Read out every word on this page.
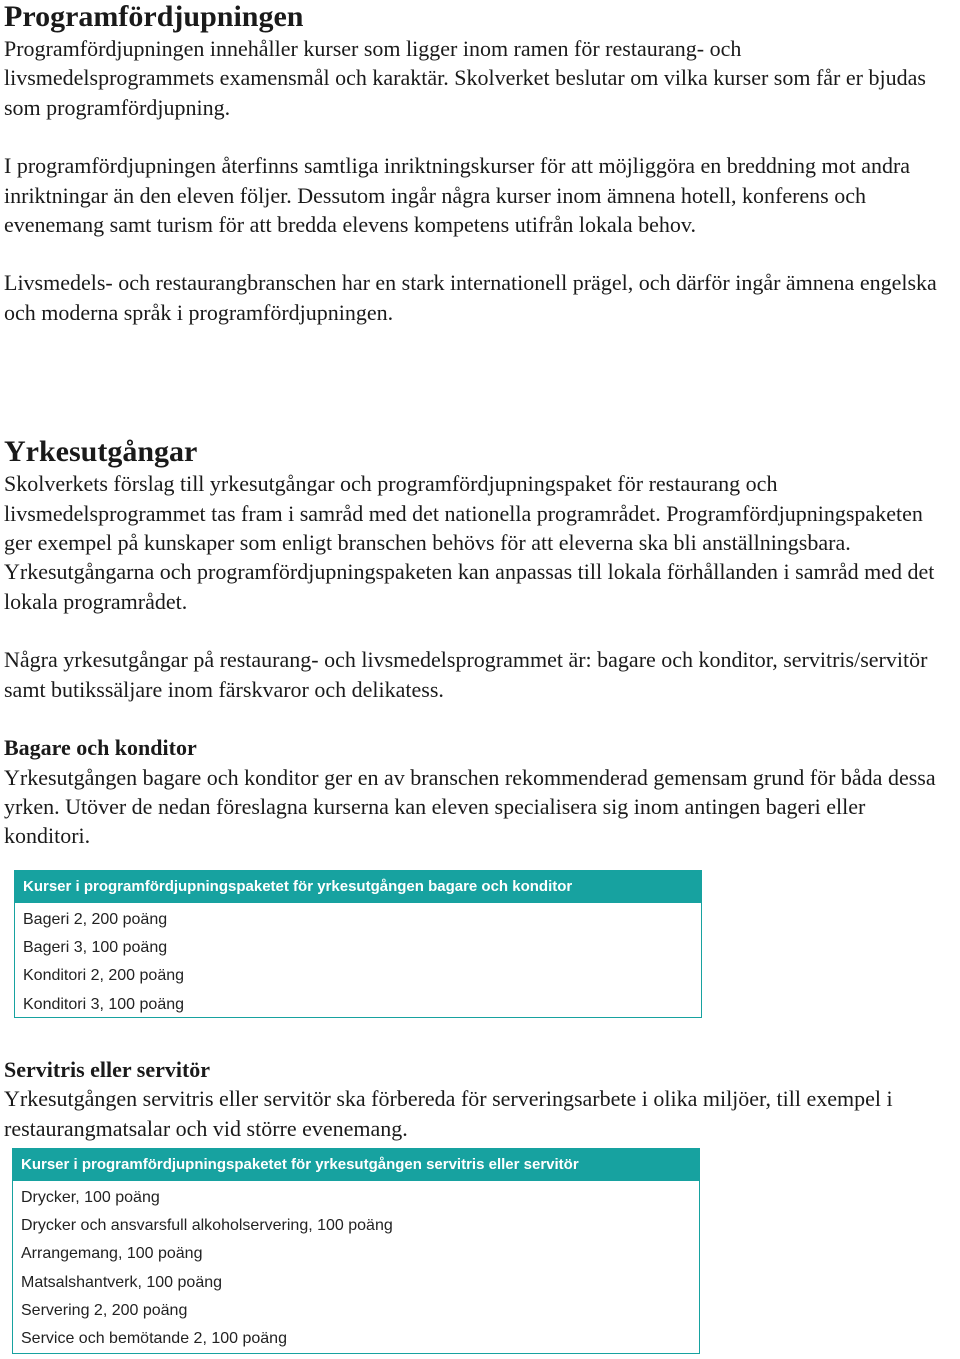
Programfördjupningen

Programfördjupningen innehåller kurser som ligger inom ramen för restaurang- och livsmedelsprogrammets examensmål och karaktär. Skolverket beslutar om vilka kurser som får er bjudas som programfördjupning.

I programfördjupningen återfinns samtliga inriktningskurser för att möjliggöra en breddning mot andra inriktningar än den eleven följer. Dessutom ingår några kurser inom ämnena hotell, konferens och evenemang samt turism för att bredda elevens kompetens utifrån lokala behov.

Livsmedels- och restaurangbranschen har en stark internationell prägel, och därför ingår ämnena engelska och moderna språk i programfördjupningen.

Yrkesutgångar

Skolverkets förslag till yrkesutgångar och programfördjupningspaket för restaurang och livsmedelsprogrammet tas fram i samråd med det nationella programrådet. Programfördjupningspaketen ger exempel på kunskaper som enligt branschen behövs för att eleverna ska bli anställningsbara. Yrkesutgångarna och programfördjupningspaketen kan anpassas till lokala förhållanden i samråd med det lokala programrådet.

Några yrkesutgångar på restaurang- och livsmedelsprogrammet är: bagare och konditor, servitris/servitör samt butikssäljare inom färskvaror och delikatess.

Bagare och konditor

Yrkesutgången bagare och konditor ger en av branschen rekommenderad gemensam grund för båda dessa yrken. Utöver de nedan föreslagna kurserna kan eleven specialisera sig inom antingen bageri eller konditori.

Kurser i programfördjupningspaketet för yrkesutgången bagare och konditor
Bageri 2, 200 poäng
Bageri 3, 100 poäng
Konditori 2, 200 poäng
Konditori 3, 100 poäng
Servitris eller servitör

Yrkesutgången servitris eller servitör ska förbereda för serveringsarbete i olika miljöer, till exempel i restaurangmatsalar och vid större evenemang.

Kurser i programfördjupningspaketet för yrkesutgången servitris eller servitör
Drycker, 100 poäng
Drycker och ansvarsfull alkoholservering, 100 poäng
Arrangemang, 100 poäng
Matsalshantverk, 100 poäng
Servering 2, 200 poäng
Service och bemötande 2, 100 poäng
